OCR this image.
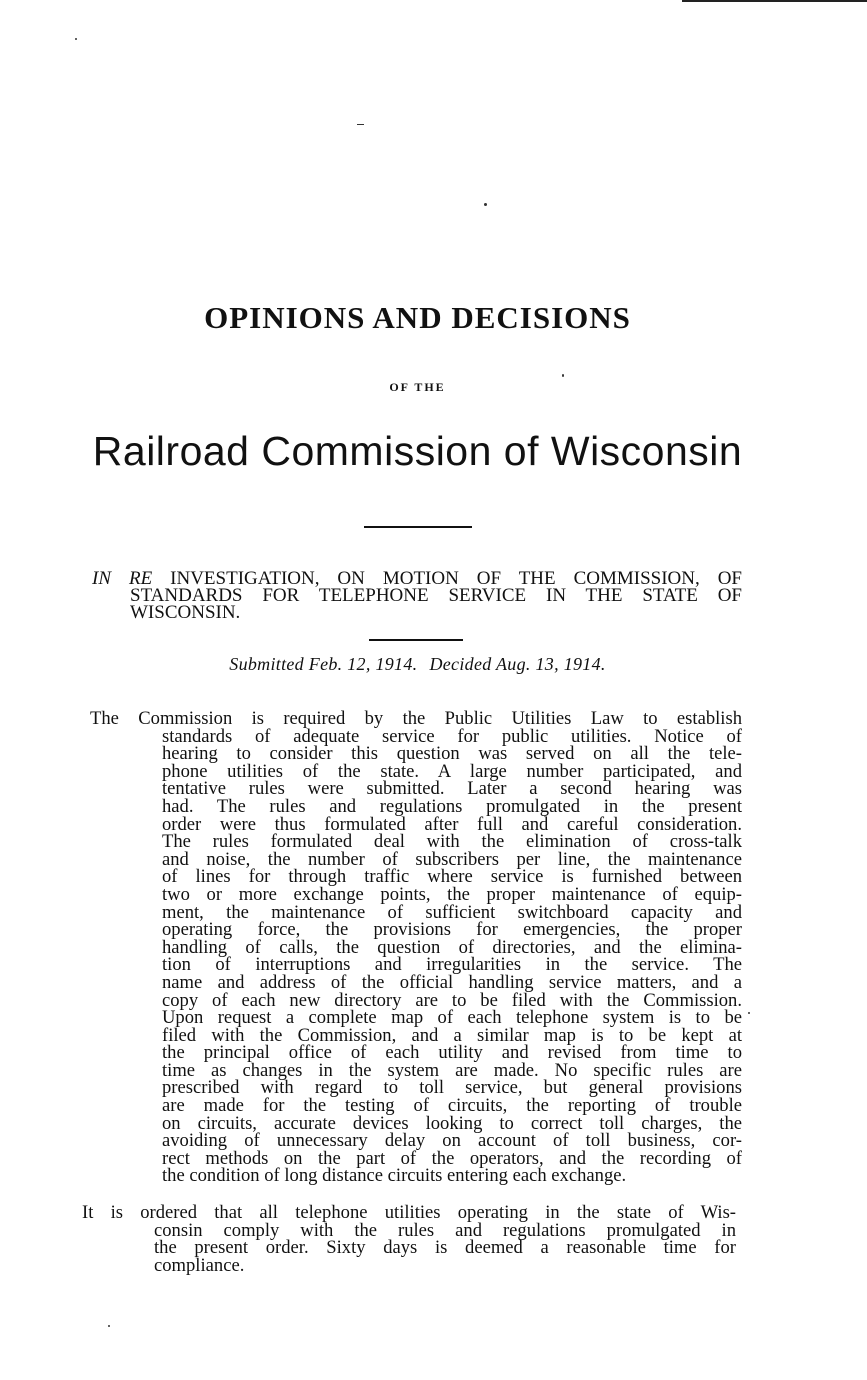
OPINIONS AND DECISIONS
OF THE
Railroad Commission of Wisconsin
IN RE INVESTIGATION, ON MOTION OF THE COMMISSION, OF
STANDARDS FOR TELEPHONE SERVICE IN THE STATE OF
WISCONSIN.
Submitted Feb. 12, 1914. Decided Aug. 13, 1914.
The Commission is required by the Public Utilities Law to establish
standards of adequate service for public utilities. Notice of
hearing to consider this question was served on all the tele-
phone utilities of the state. A large number participated, and
tentative rules were submitted. Later a second hearing was
had. The rules and regulations promulgated in the present
order were thus formulated after full and careful consideration.
The rules formulated deal with the elimination of cross-talk
and noise, the number of subscribers per line, the maintenance
of lines for through traffic where service is furnished between
two or more exchange points, the proper maintenance of equip-
ment, the maintenance of sufficient switchboard capacity and
operating force, the provisions for emergencies, the proper
handling of calls, the question of directories, and the elimina-
tion of interruptions and irregularities in the service. The
name and address of the official handling service matters, and a
copy of each new directory are to be filed with the Commission.
Upon request a complete map of each telephone system is to be
filed with the Commission, and a similar map is to be kept at
the principal office of each utility and revised from time to
time as changes in the system are made. No specific rules are
prescribed with regard to toll service, but general provisions
are made for the testing of circuits, the reporting of trouble
on circuits, accurate devices looking to correct toll charges, the
avoiding of unnecessary delay on account of toll business, cor-
rect methods on the part of the operators, and the recording of
the condition of long distance circuits entering each exchange.
It is ordered that all telephone utilities operating in the state of Wis-
consin comply with the rules and regulations promulgated in
the present order. Sixty days is deemed a reasonable time for
compliance.
